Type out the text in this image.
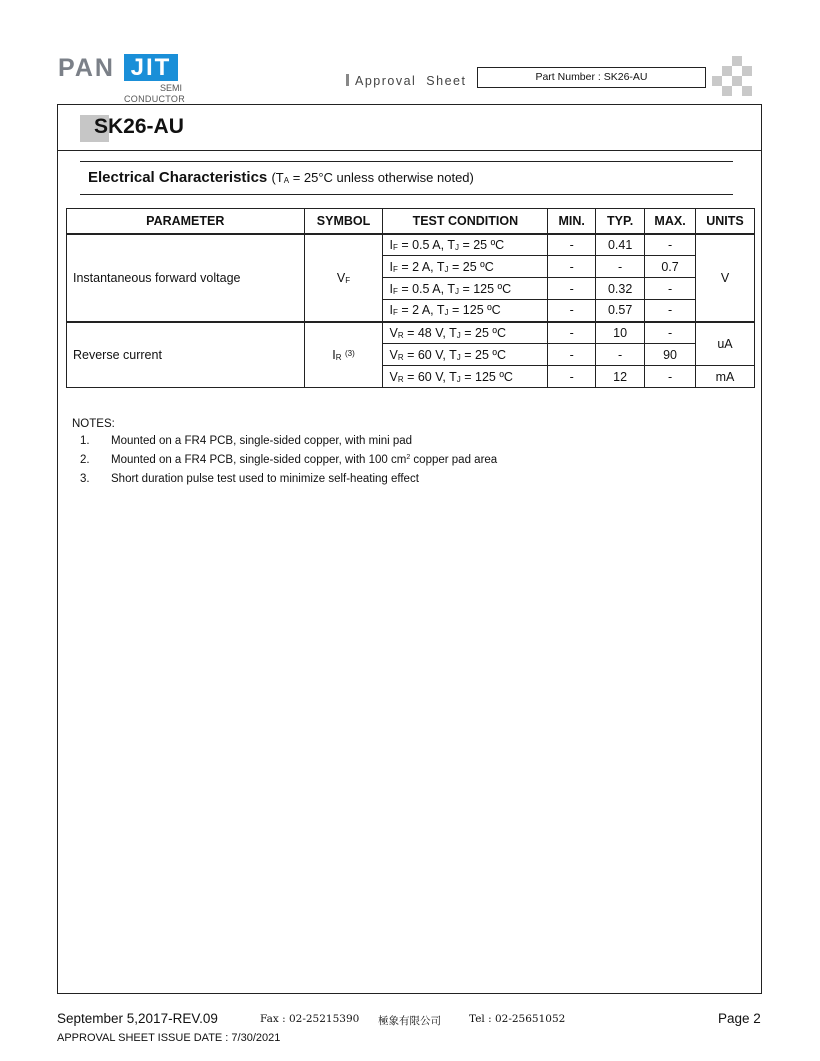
PAN JIT
SEMI
CONDUCTOR
Approval  Sheet	Part Number : SK26-AU
SK26-AU
Electrical Characteristics ($T_A = 25^\circ C$ unless otherwise noted)
PARAMETER	SYMBOL	TEST CONDITION	MIN.	TYP.	MAX.	UNITS
Instantaneous forward voltage	$V_F$	$I_F = 0.5$ A, $T_J = 25$ ºC	-	0.41	-	V
		$I_F = 2$ A, $T_J = 25$ ºC	-	-	0.7	
		$I_F = 0.5$ A, $T_J = 125$ ºC	-	0.32	-	
		$I_F = 2$ A, $T_J = 125$ ºC	-	0.57	-	
Reverse current	$I_R$ $^{(3)}$	$V_R = 48$ V, $T_J = 25$ ºC	-	10	-	uA
		$V_R = 60$ V, $T_J = 25$ ºC	-	-	90	
		$V_R = 60$ V, $T_J = 125$ ºC	-	12	-	mA
NOTES:
1.	Mounted on a FR4 PCB, single-sided copper, with mini pad
2.	Mounted on a FR4 PCB, single-sided copper, with 100 $cm^2$ copper pad area
3.	Short duration pulse test used to minimize self-heating effect
September 5,2017-REV.09	Fax : 02-25215390 極象有限公司	Tel : 02-25651052	Page 2
APPROVAL SHEET ISSUE DATE : 7/30/2021
